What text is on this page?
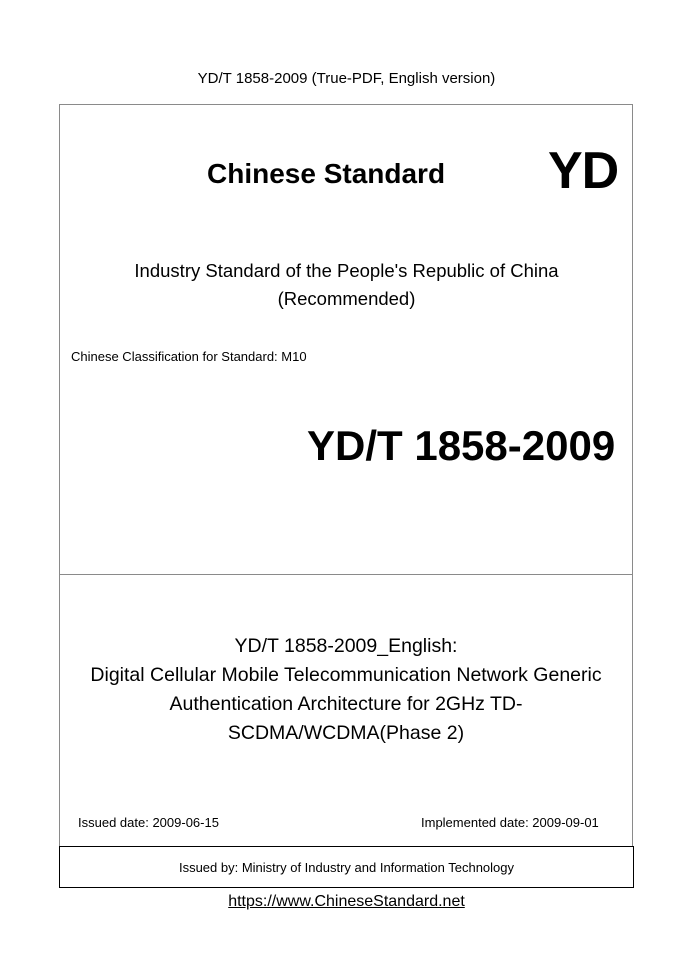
YD/T 1858-2009 (True-PDF, English version)
Chinese Standard YD
Industry Standard of the People's Republic of China
(Recommended)
Chinese Classification for Standard: M10
YD/T 1858-2009
YD/T 1858-2009_English:
Digital Cellular Mobile Telecommunication Network Generic
Authentication Architecture for 2GHz TD-
SCDMA/WCDMA(Phase 2)
Issued date: 2009-06-15	Implemented date: 2009-09-01
Issued by: Ministry of Industry and Information Technology
https://www.ChineseStandard.net
